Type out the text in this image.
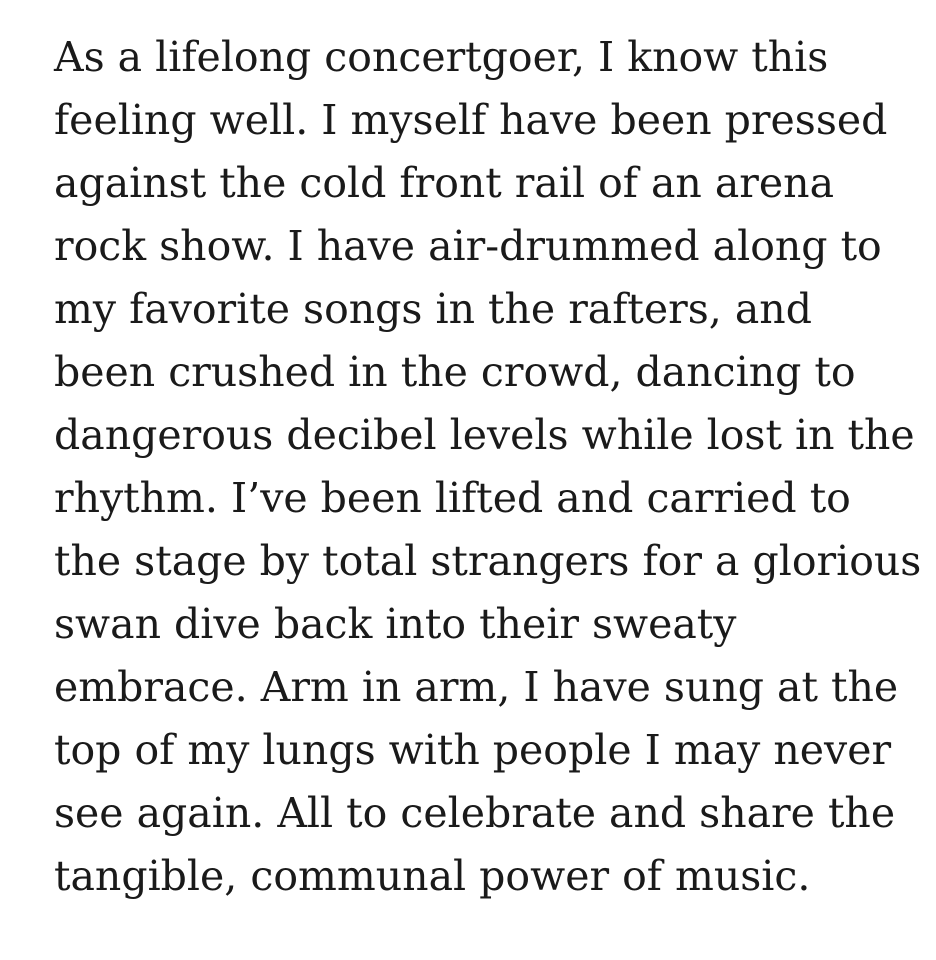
As a lifelong concertgoer, I know this
feeling well. I myself have been pressed
against the cold front rail of an arena
rock show. I have air-drummed along to
my favorite songs in the rafters, and
been crushed in the crowd, dancing to
dangerous decibel levels while lost in the
rhythm. I’ve been lifted and carried to
the stage by total strangers for a glorious
swan dive back into their sweaty
embrace. Arm in arm, I have sung at the
top of my lungs with people I may never
see again. All to celebrate and share the
tangible, communal power of music.
